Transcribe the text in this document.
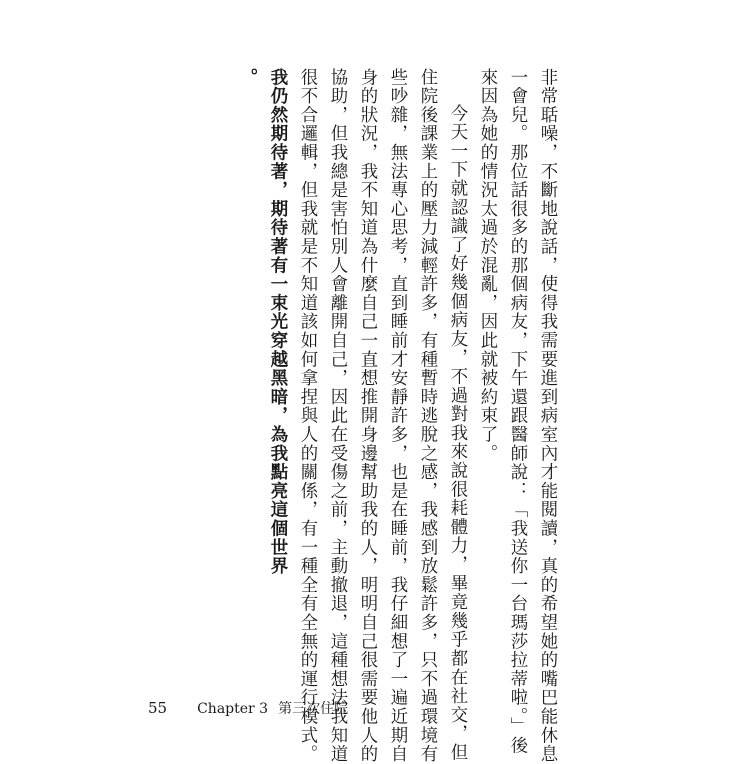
非常聒噪，不斷地說話，使得我需要進到病室內才能閱讀，真的希望她的嘴巴能休息
一會兒。那位話很多的那個病友，下午還跟醫師說：「我送你一台瑪莎拉蒂啦。」後
來因為她的情況太過於混亂，因此就被約束了。
今天一下就認識了好幾個病友，不過對我來說很耗體力，畢竟幾乎都在社交，但
住院後課業上的壓力減輕許多，有種暫時逃脫之感，我感到放鬆許多，只不過環境有
些吵雜，無法專心思考，直到睡前才安靜許多，也是在睡前，我仔細想了一遍近期自
身的狀況，我不知道為什麼自己一直想推開身邊幫助我的人，明明自己很需要他人的
協助，但我總是害怕別人會離開自己，因此在受傷之前，主動撤退，這種想法我知道
很不合邏輯，但我就是不知道該如何拿捏與人的關係，有一種全有全無的運行模式。
我仍然期待著，期待著有一束光穿越黑暗，為我點亮這個世界
。
55 Chapter 3 第三次住院
